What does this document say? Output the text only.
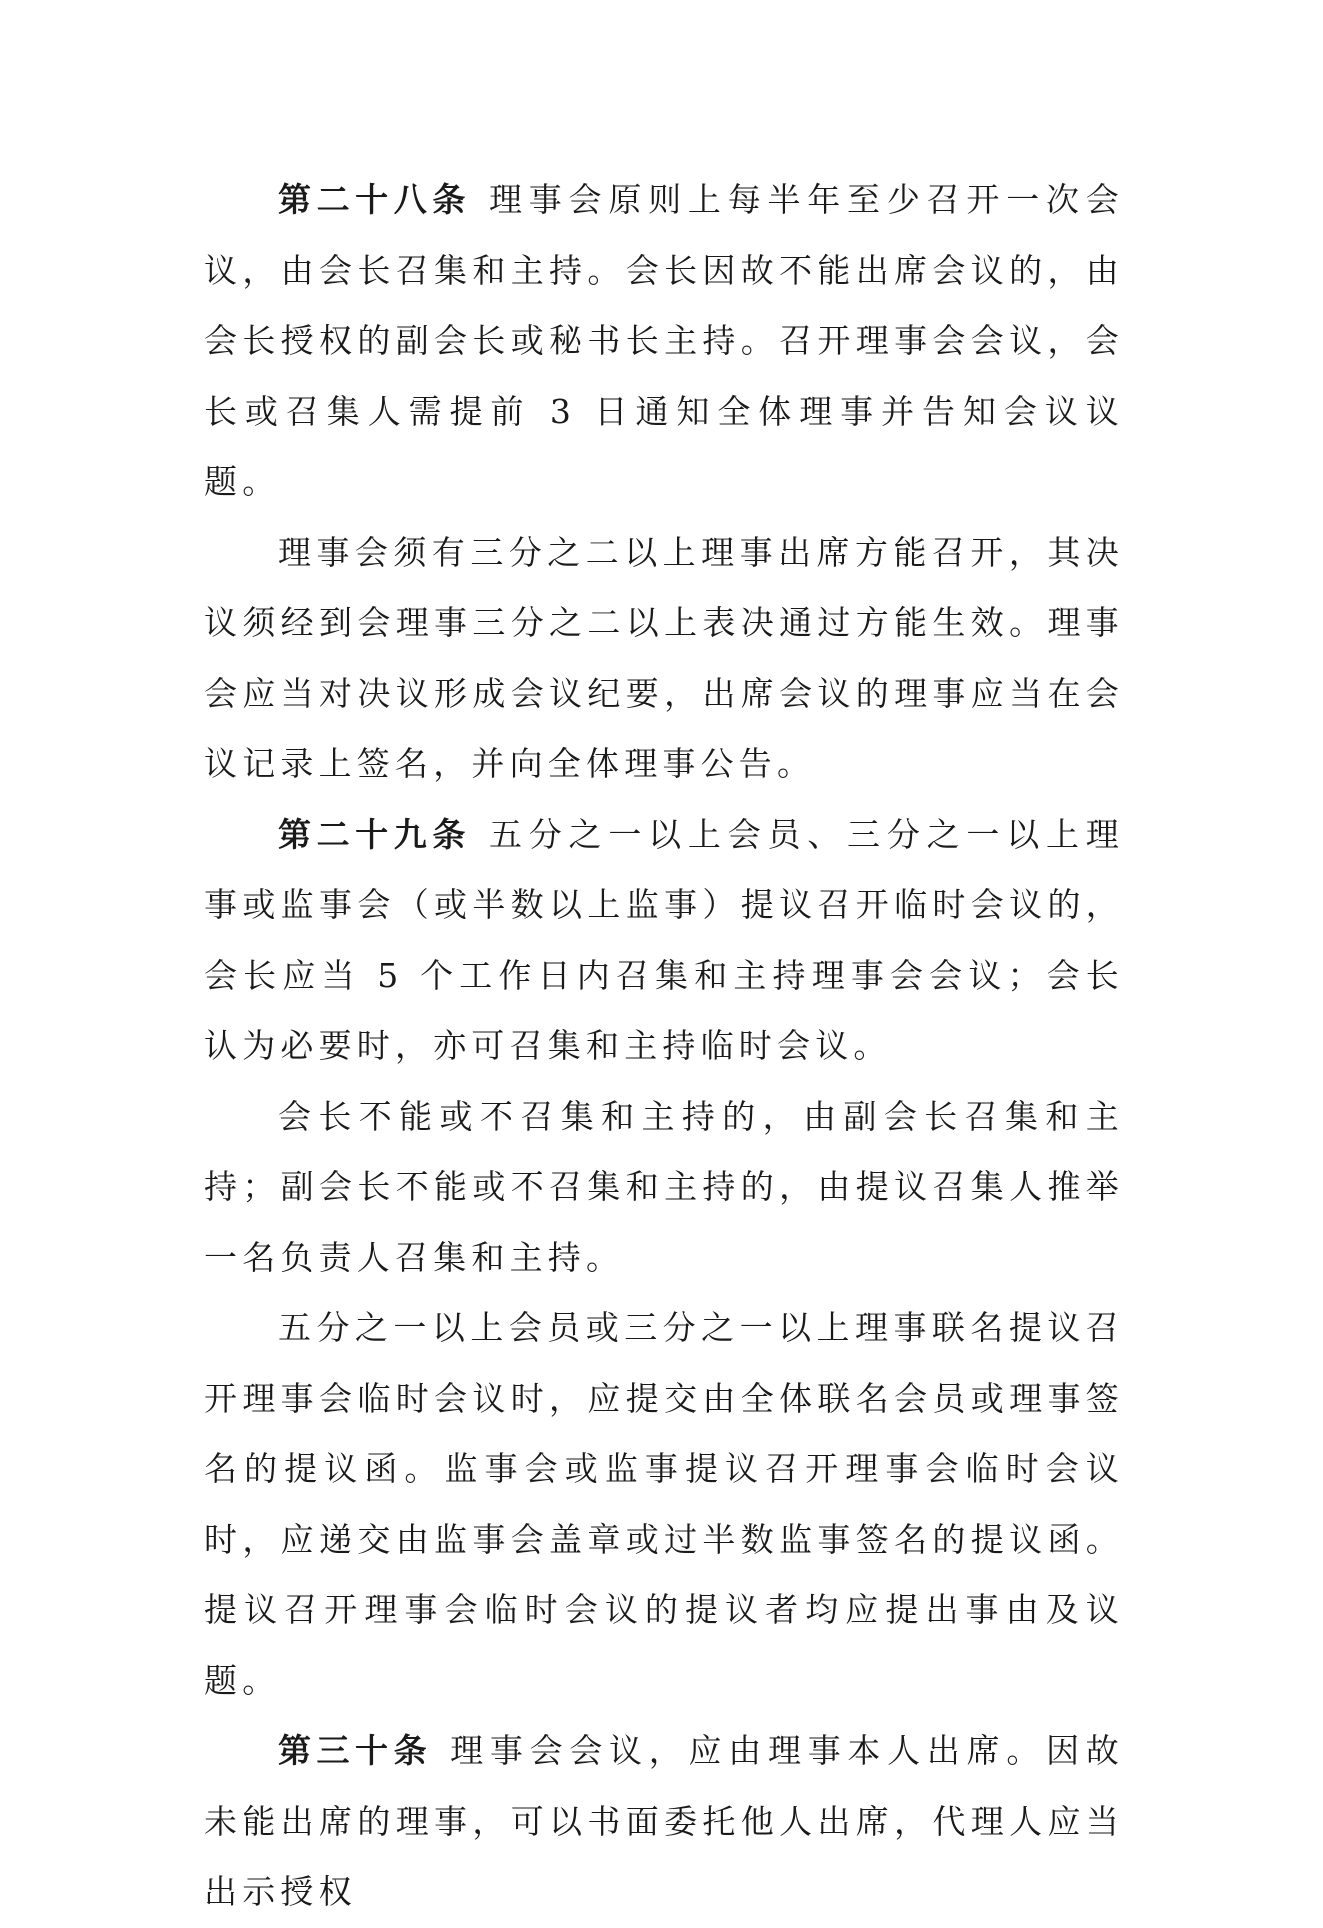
第二十八条 理事会原则上每半年至少召开一次会议，由会长召集和主持。会长因故不能出席会议的，由会长授权的副会长或秘书长主持。召开理事会会议，会长或召集人需提前 3 日通知全体理事并告知会议议题。

理事会须有三分之二以上理事出席方能召开，其决议须经到会理事三分之二以上表决通过方能生效。理事会应当对决议形成会议纪要，出席会议的理事应当在会议记录上签名，并向全体理事公告。

第二十九条 五分之一以上会员、三分之一以上理事或监事会（或半数以上监事）提议召开临时会议的，会长应当 5 个工作日内召集和主持理事会会议；会长认为必要时，亦可召集和主持临时会议。

会长不能或不召集和主持的，由副会长召集和主持；副会长不能或不召集和主持的，由提议召集人推举一名负责人召集和主持。

五分之一以上会员或三分之一以上理事联名提议召开理事会临时会议时，应提交由全体联名会员或理事签名的提议函。监事会或监事提议召开理事会临时会议时，应递交由监事会盖章或过半数监事签名的提议函。提议召开理事会临时会议的提议者均应提出事由及议题。

第三十条 理事会会议，应由理事本人出席。因故未能出席的理事，可以书面委托他人出席，代理人应当出示授权
